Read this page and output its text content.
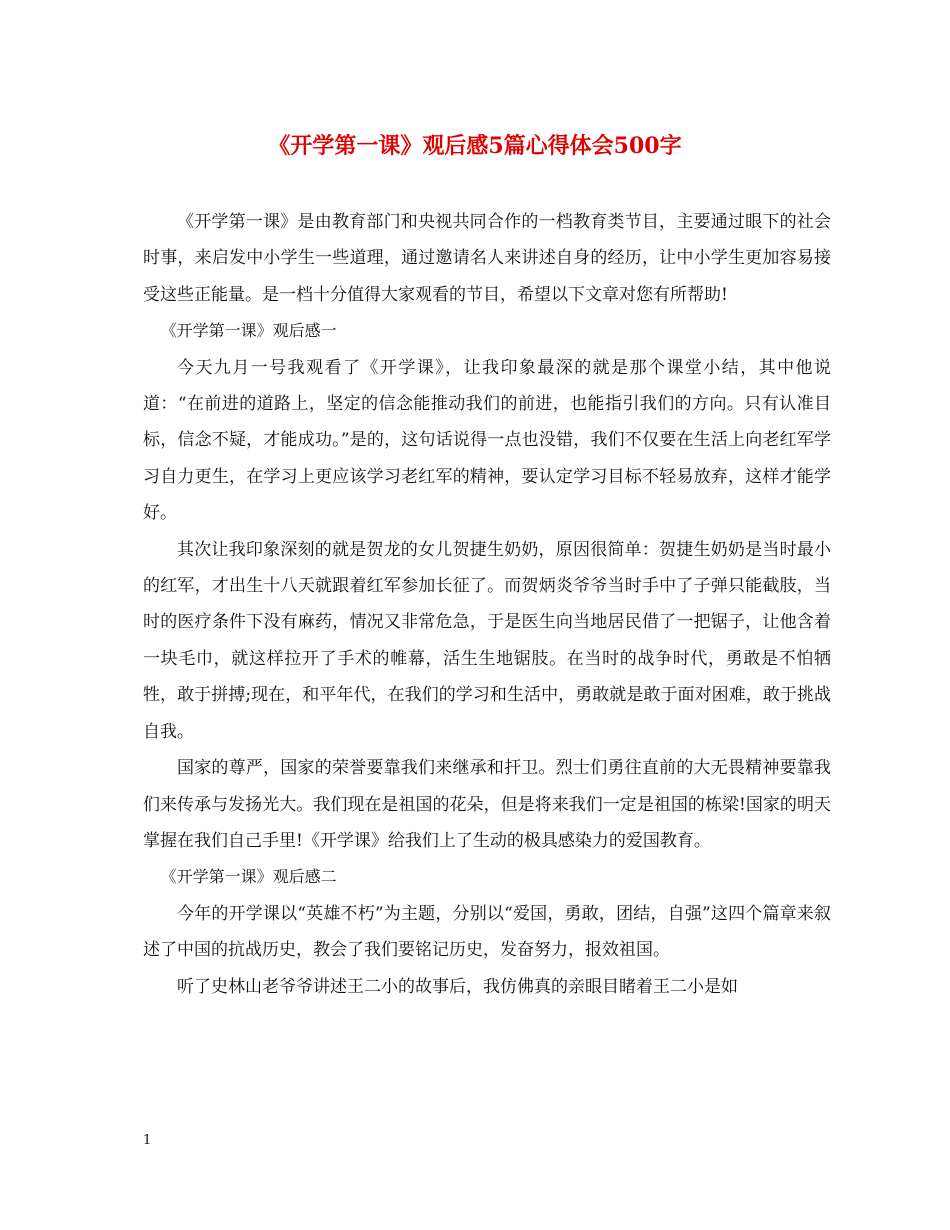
《开学第一课》观后感5篇心得体会500字

《开学第一课》是由教育部门和央视共同合作的一档教育类节目，主要通过眼下的社会时事，来启发中小学生一些道理，通过邀请名人来讲述自身的经历，让中小学生更加容易接受这些正能量。是一档十分值得大家观看的节目，希望以下文章对您有所帮助!

《开学第一课》观后感一

今天九月一号我观看了《开学课》，让我印象最深的就是那个课堂小结，其中他说道：“在前进的道路上，坚定的信念能推动我们的前进，也能指引我们的方向。只有认准目标，信念不疑，才能成功。”是的，这句话说得一点也没错，我们不仅要在生活上向老红军学习自力更生，在学习上更应该学习老红军的精神，要认定学习目标不轻易放弃，这样才能学好。

其次让我印象深刻的就是贺龙的女儿贺捷生奶奶，原因很简单：贺捷生奶奶是当时最小的红军，才出生十八天就跟着红军参加长征了。而贺炳炎爷爷当时手中了子弹只能截肢，当时的医疗条件下没有麻药，情况又非常危急，于是医生向当地居民借了一把锯子，让他含着一块毛巾，就这样拉开了手术的帷幕，活生生地锯肢。在当时的战争时代，勇敢是不怕牺牲，敢于拼搏;现在，和平年代，在我们的学习和生活中，勇敢就是敢于面对困难，敢于挑战自我。

国家的尊严，国家的荣誉要靠我们来继承和扞卫。烈士们勇往直前的大无畏精神要靠我们来传承与发扬光大。我们现在是祖国的花朵，但是将来我们一定是祖国的栋梁!国家的明天掌握在我们自己手里!《开学课》给我们上了生动的极具感染力的爱国教育。

《开学第一课》观后感二

今年的开学课以“英雄不朽”为主题，分别以“爱国，勇敢，团结，自强”这四个篇章来叙述了中国的抗战历史，教会了我们要铭记历史，发奋努力，报效祖国。

听了史林山老爷爷讲述王二小的故事后，我仿佛真的亲眼目睹着王二小是如

1
